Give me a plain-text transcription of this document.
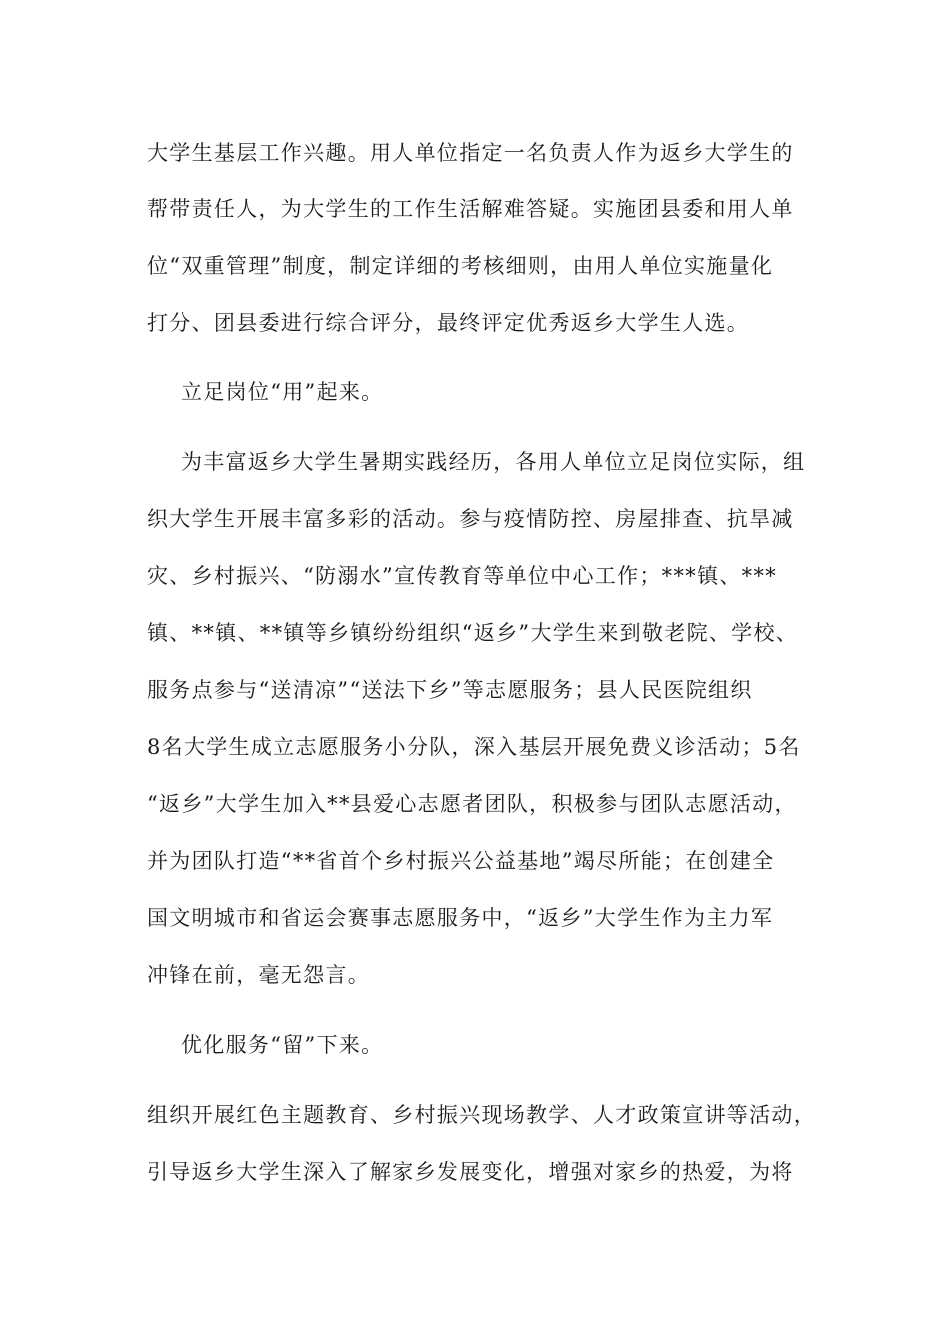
大学生基层工作兴趣。用人单位指定一名负责人作为返乡大学生的
帮带责任人，为大学生的工作生活解难答疑。实施团县委和用人单
位“双重管理”制度，制定详细的考核细则，由用人单位实施量化
打分、团县委进行综合评分，最终评定优秀返乡大学生人选。
立足岗位“用”起来。
为丰富返乡大学生暑期实践经历，各用人单位立足岗位实际，组
织大学生开展丰富多彩的活动。参与疫情防控、房屋排查、抗旱减
灾、乡村振兴、“防溺水”宣传教育等单位中心工作；***镇、***
镇、**镇、**镇等乡镇纷纷组织“返乡”大学生来到敬老院、学校、
服务点参与“送清凉”“送法下乡”等志愿服务；县人民医院组织
8名大学生成立志愿服务小分队，深入基层开展免费义诊活动；5名
“返乡”大学生加入**县爱心志愿者团队，积极参与团队志愿活动，
并为团队打造“**省首个乡村振兴公益基地”竭尽所能；在创建全
国文明城市和省运会赛事志愿服务中，“返乡”大学生作为主力军
冲锋在前，毫无怨言。
优化服务“留”下来。
组织开展红色主题教育、乡村振兴现场教学、人才政策宣讲等活动，
引导返乡大学生深入了解家乡发展变化，增强对家乡的热爱，为将
